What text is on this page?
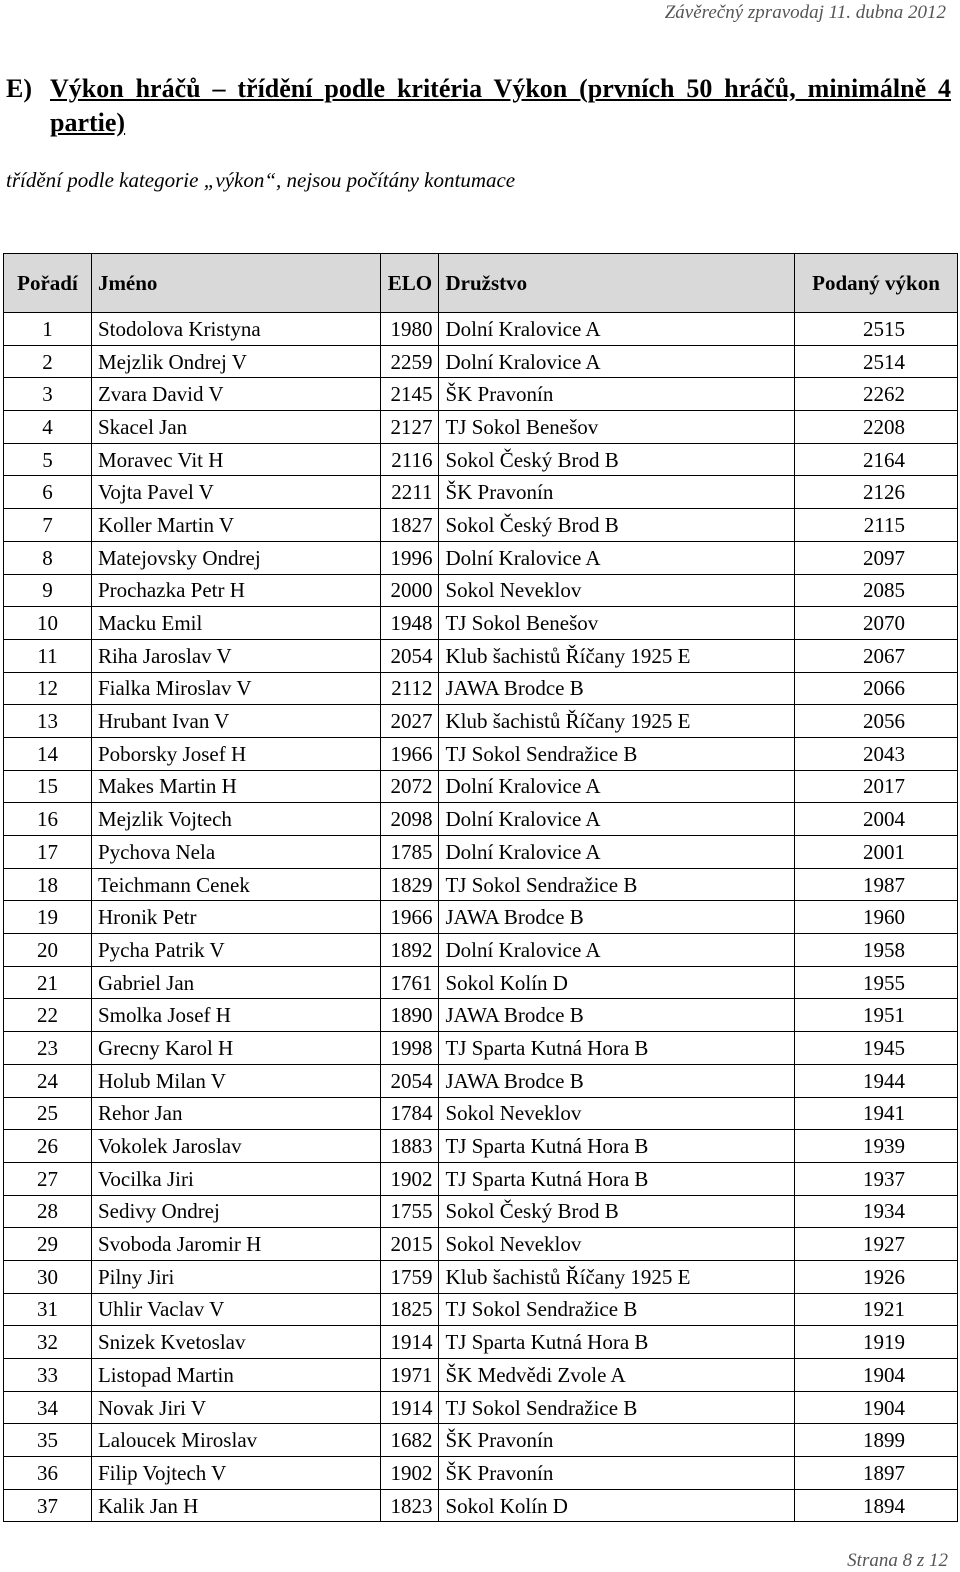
Závěrečný zpravodaj 11. dubna 2012
E) Výkon hráčů – třídění podle kritéria Výkon (prvních 50 hráčů, minimálně 4 partie)
třídění podle kategorie „výkon“, nejsou počítány kontumace
Pořadí	Jméno	ELO	Družstvo	Podaný výkon
1	Stodolova Kristyna	1980	Dolní Kralovice A	2515
2	Mejzlik Ondrej V	2259	Dolní Kralovice A	2514
3	Zvara David V	2145	ŠK Pravonín	2262
4	Skacel Jan	2127	TJ Sokol Benešov	2208
5	Moravec Vit H	2116	Sokol Český Brod B	2164
6	Vojta Pavel V	2211	ŠK Pravonín	2126
7	Koller Martin V	1827	Sokol Český Brod B	2115
8	Matejovsky Ondrej	1996	Dolní Kralovice A	2097
9	Prochazka Petr H	2000	Sokol Neveklov	2085
10	Macku Emil	1948	TJ Sokol Benešov	2070
11	Riha Jaroslav V	2054	Klub šachistů Říčany 1925 E	2067
12	Fialka Miroslav V	2112	JAWA Brodce B	2066
13	Hrubant Ivan V	2027	Klub šachistů Říčany 1925 E	2056
14	Poborsky Josef H	1966	TJ Sokol Sendražice B	2043
15	Makes Martin H	2072	Dolní Kralovice A	2017
16	Mejzlik Vojtech	2098	Dolní Kralovice A	2004
17	Pychova Nela	1785	Dolní Kralovice A	2001
18	Teichmann Cenek	1829	TJ Sokol Sendražice B	1987
19	Hronik Petr	1966	JAWA Brodce B	1960
20	Pycha Patrik V	1892	Dolní Kralovice A	1958
21	Gabriel Jan	1761	Sokol Kolín D	1955
22	Smolka Josef H	1890	JAWA Brodce B	1951
23	Grecny Karol H	1998	TJ Sparta Kutná Hora B	1945
24	Holub Milan V	2054	JAWA Brodce B	1944
25	Rehor Jan	1784	Sokol Neveklov	1941
26	Vokolek Jaroslav	1883	TJ Sparta Kutná Hora B	1939
27	Vocilka Jiri	1902	TJ Sparta Kutná Hora B	1937
28	Sedivy Ondrej	1755	Sokol Český Brod B	1934
29	Svoboda Jaromir H	2015	Sokol Neveklov	1927
30	Pilny Jiri	1759	Klub šachistů Říčany 1925 E	1926
31	Uhlir Vaclav V	1825	TJ Sokol Sendražice B	1921
32	Snizek Kvetoslav	1914	TJ Sparta Kutná Hora B	1919
33	Listopad Martin	1971	ŠK Medvědi Zvole A	1904
34	Novak Jiri V	1914	TJ Sokol Sendražice B	1904
35	Laloucek Miroslav	1682	ŠK Pravonín	1899
36	Filip Vojtech V	1902	ŠK Pravonín	1897
37	Kalik Jan H	1823	Sokol Kolín D	1894
Strana 8 z 12
